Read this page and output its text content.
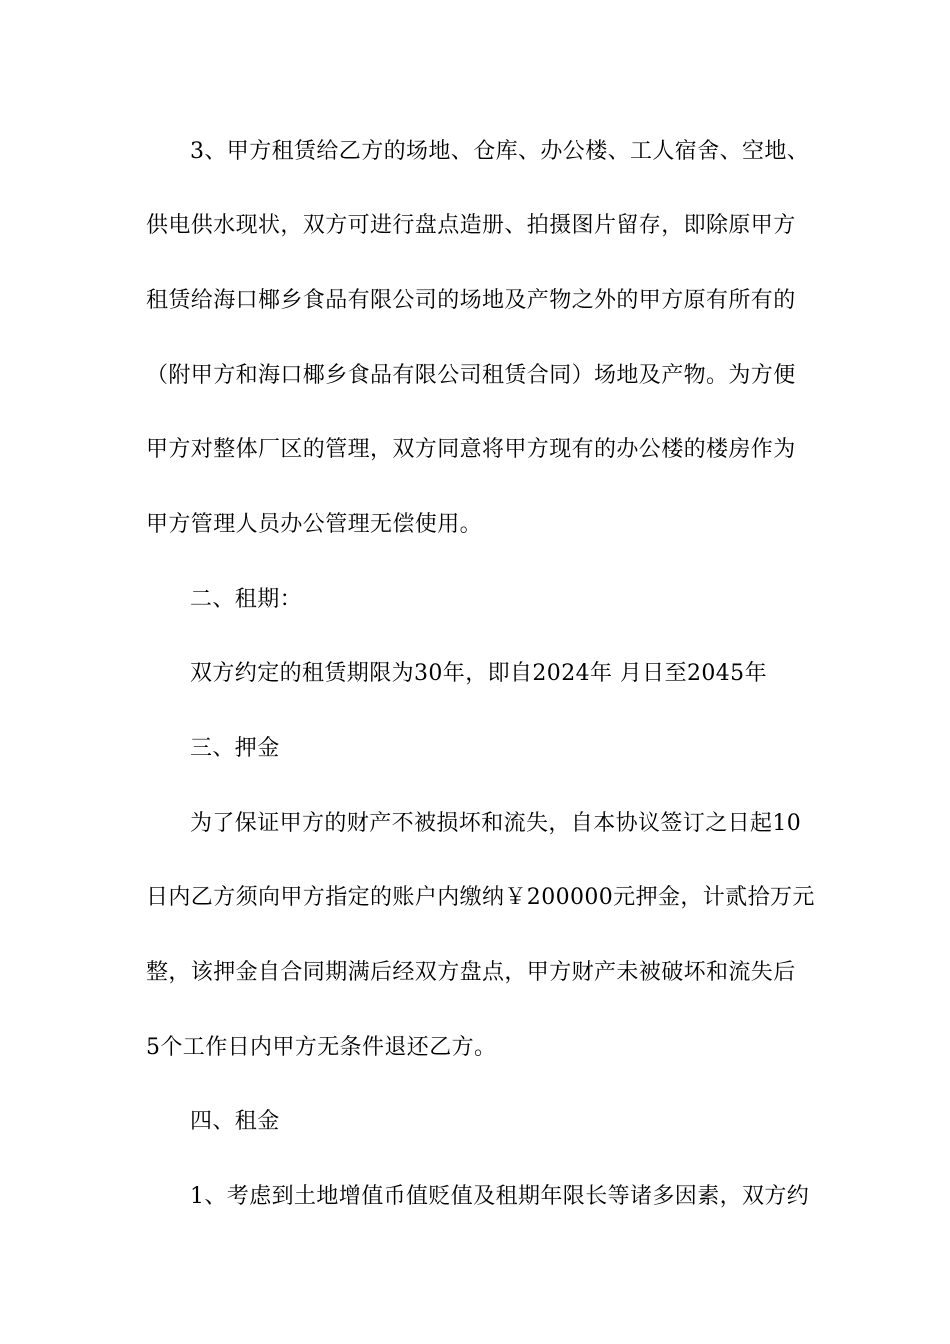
3、甲方租赁给乙方的场地、仓库、办公楼、工人宿舍、空地、
供电供水现状，双方可进行盘点造册、拍摄图片留存，即除原甲方
租赁给海口椰乡食品有限公司的场地及产物之外的甲方原有所有的
（附甲方和海口椰乡食品有限公司租赁合同）场地及产物。为方便
甲方对整体厂区的管理，双方同意将甲方现有的办公楼的楼房作为
甲方管理人员办公管理无偿使用。
二、租期：
双方约定的租赁期限为30年，即自2024年 月日至2045年
三、押金
为了保证甲方的财产不被损坏和流失，自本协议签订之日起10
日内乙方须向甲方指定的账户内缴纳￥200000元押金，计贰拾万元
整，该押金自合同期满后经双方盘点，甲方财产未被破坏和流失后
5个工作日内甲方无条件退还乙方。
四、租金
1、考虑到土地增值币值贬值及租期年限长等诸多因素，双方约
